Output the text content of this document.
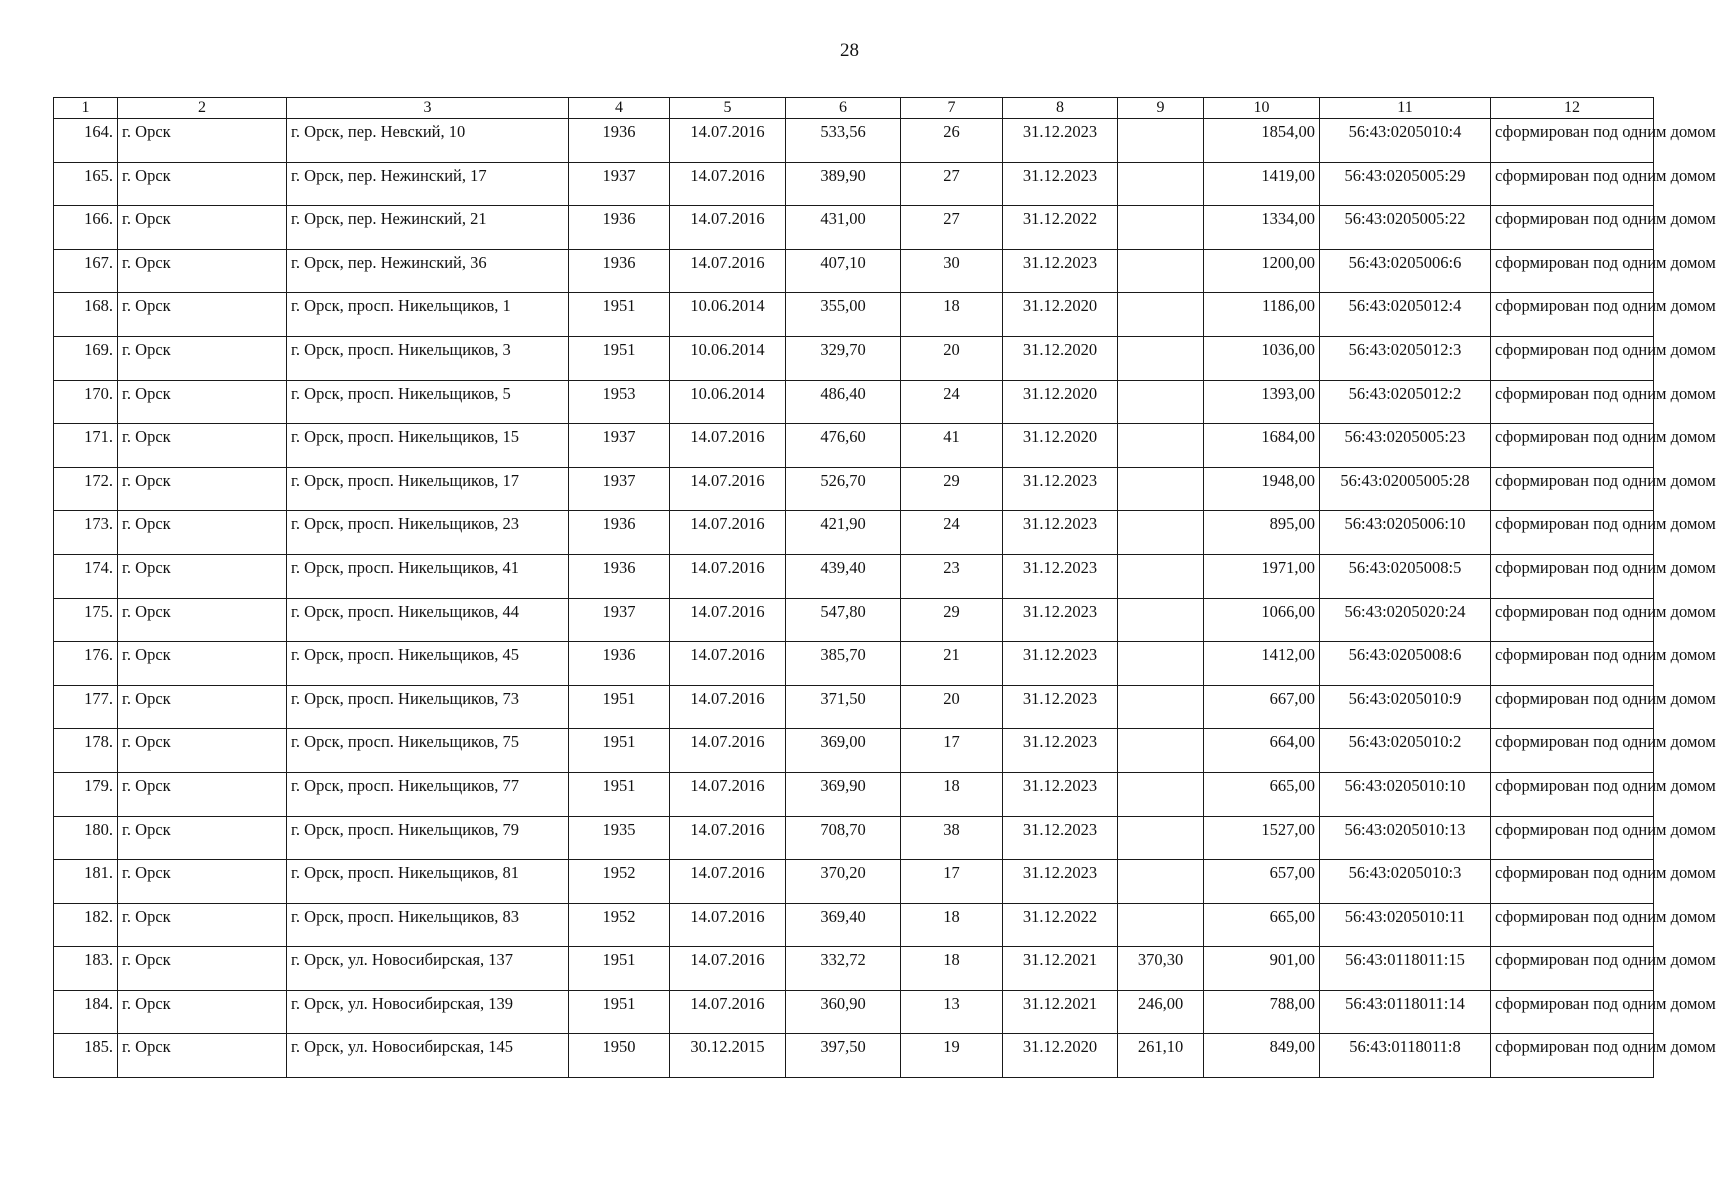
28
1	2	3	4	5	6	7	8	9	10	11	12
164.	г. Орск	г. Орск, пер. Невский, 10	1936	14.07.2016	533,56	26	31.12.2023		1854,00	56:43:0205010:4	сформирован под одним домом
165.	г. Орск	г. Орск, пер. Нежинский, 17	1937	14.07.2016	389,90	27	31.12.2023		1419,00	56:43:0205005:29	сформирован под одним домом
166.	г. Орск	г. Орск, пер. Нежинский, 21	1936	14.07.2016	431,00	27	31.12.2022		1334,00	56:43:0205005:22	сформирован под одним домом
167.	г. Орск	г. Орск, пер. Нежинский, 36	1936	14.07.2016	407,10	30	31.12.2023		1200,00	56:43:0205006:6	сформирован под одним домом
168.	г. Орск	г. Орск, просп. Никельщиков, 1	1951	10.06.2014	355,00	18	31.12.2020		1186,00	56:43:0205012:4	сформирован под одним домом
169.	г. Орск	г. Орск, просп. Никельщиков, 3	1951	10.06.2014	329,70	20	31.12.2020		1036,00	56:43:0205012:3	сформирован под одним домом
170.	г. Орск	г. Орск, просп. Никельщиков, 5	1953	10.06.2014	486,40	24	31.12.2020		1393,00	56:43:0205012:2	сформирован под одним домом
171.	г. Орск	г. Орск, просп. Никельщиков, 15	1937	14.07.2016	476,60	41	31.12.2020		1684,00	56:43:0205005:23	сформирован под одним домом
172.	г. Орск	г. Орск, просп. Никельщиков, 17	1937	14.07.2016	526,70	29	31.12.2023		1948,00	56:43:02005005:28	сформирован под одним домом
173.	г. Орск	г. Орск, просп. Никельщиков, 23	1936	14.07.2016	421,90	24	31.12.2023		895,00	56:43:0205006:10	сформирован под одним домом
174.	г. Орск	г. Орск, просп. Никельщиков, 41	1936	14.07.2016	439,40	23	31.12.2023		1971,00	56:43:0205008:5	сформирован под одним домом
175.	г. Орск	г. Орск, просп. Никельщиков, 44	1937	14.07.2016	547,80	29	31.12.2023		1066,00	56:43:0205020:24	сформирован под одним домом
176.	г. Орск	г. Орск, просп. Никельщиков, 45	1936	14.07.2016	385,70	21	31.12.2023		1412,00	56:43:0205008:6	сформирован под одним домом
177.	г. Орск	г. Орск, просп. Никельщиков, 73	1951	14.07.2016	371,50	20	31.12.2023		667,00	56:43:0205010:9	сформирован под одним домом
178.	г. Орск	г. Орск, просп. Никельщиков, 75	1951	14.07.2016	369,00	17	31.12.2023		664,00	56:43:0205010:2	сформирован под одним домом
179.	г. Орск	г. Орск, просп. Никельщиков, 77	1951	14.07.2016	369,90	18	31.12.2023		665,00	56:43:0205010:10	сформирован под одним домом
180.	г. Орск	г. Орск, просп. Никельщиков, 79	1935	14.07.2016	708,70	38	31.12.2023		1527,00	56:43:0205010:13	сформирован под одним домом
181.	г. Орск	г. Орск, просп. Никельщиков, 81	1952	14.07.2016	370,20	17	31.12.2023		657,00	56:43:0205010:3	сформирован под одним домом
182.	г. Орск	г. Орск, просп. Никельщиков, 83	1952	14.07.2016	369,40	18	31.12.2022		665,00	56:43:0205010:11	сформирован под одним домом
183.	г. Орск	г. Орск, ул. Новосибирская, 137	1951	14.07.2016	332,72	18	31.12.2021	370,30	901,00	56:43:0118011:15	сформирован под одним домом
184.	г. Орск	г. Орск, ул. Новосибирская, 139	1951	14.07.2016	360,90	13	31.12.2021	246,00	788,00	56:43:0118011:14	сформирован под одним домом
185.	г. Орск	г. Орск, ул. Новосибирская, 145	1950	30.12.2015	397,50	19	31.12.2020	261,10	849,00	56:43:0118011:8	сформирован под одним домом
